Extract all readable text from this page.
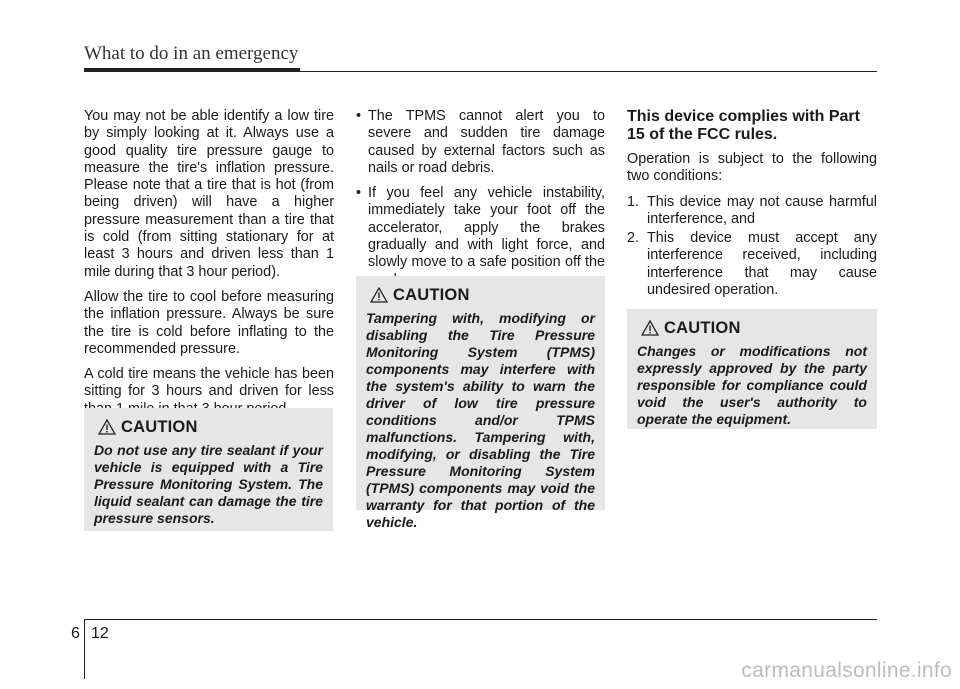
What to do in an emergency

You may not be able identify a low tire by simply looking at it. Always use a good quality tire pressure gauge to measure the tire's inflation pressure. Please note that a tire that is hot (from being driven) will have a higher pressure measurement than a tire that is cold (from sitting stationary for at least 3 hours and driven less than 1 mile during that 3 hour period).

Allow the tire to cool before measuring the inflation pressure. Always be sure the tire is cold before inflating to the recommended pressure.

A cold tire means the vehicle has been sitting for 3 hours and driven for less

CAUTION

Do not use any tire sealant if your vehicle is equipped with a Tire Pressure Monitoring System. The liquid sealant can damage the tire pressure sensors.

• The TPMS cannot alert you to severe and sudden tire damage caused by external factors such as nails or road debris.
• If you feel any vehicle instability, immediately take your foot off the accelerator, apply the brakes gradually and with light force, and slowly move to a safe position off the
CAUTION

Tampering with, modifying or disabling the Tire Pressure Monitoring System (TPMS) components may interfere with the system's ability to warn the driver of low tire pressure conditions and/or TPMS malfunctions. Tampering with, modifying, or disabling the Tire Pressure Monitoring System (TPMS) components may void the warranty for that portion of the vehicle.

This device complies with Part 15 of the FCC rules.

Operation is subject to the following two conditions:

1. This device may not cause harmful interference, and
2. This device must accept any interference received, including interference that may cause undesired operation.
CAUTION

Changes or modifications not expressly approved by the party responsible for compliance could void the user's authority to operate the equipment.

6 12
carmanualsonline.info
